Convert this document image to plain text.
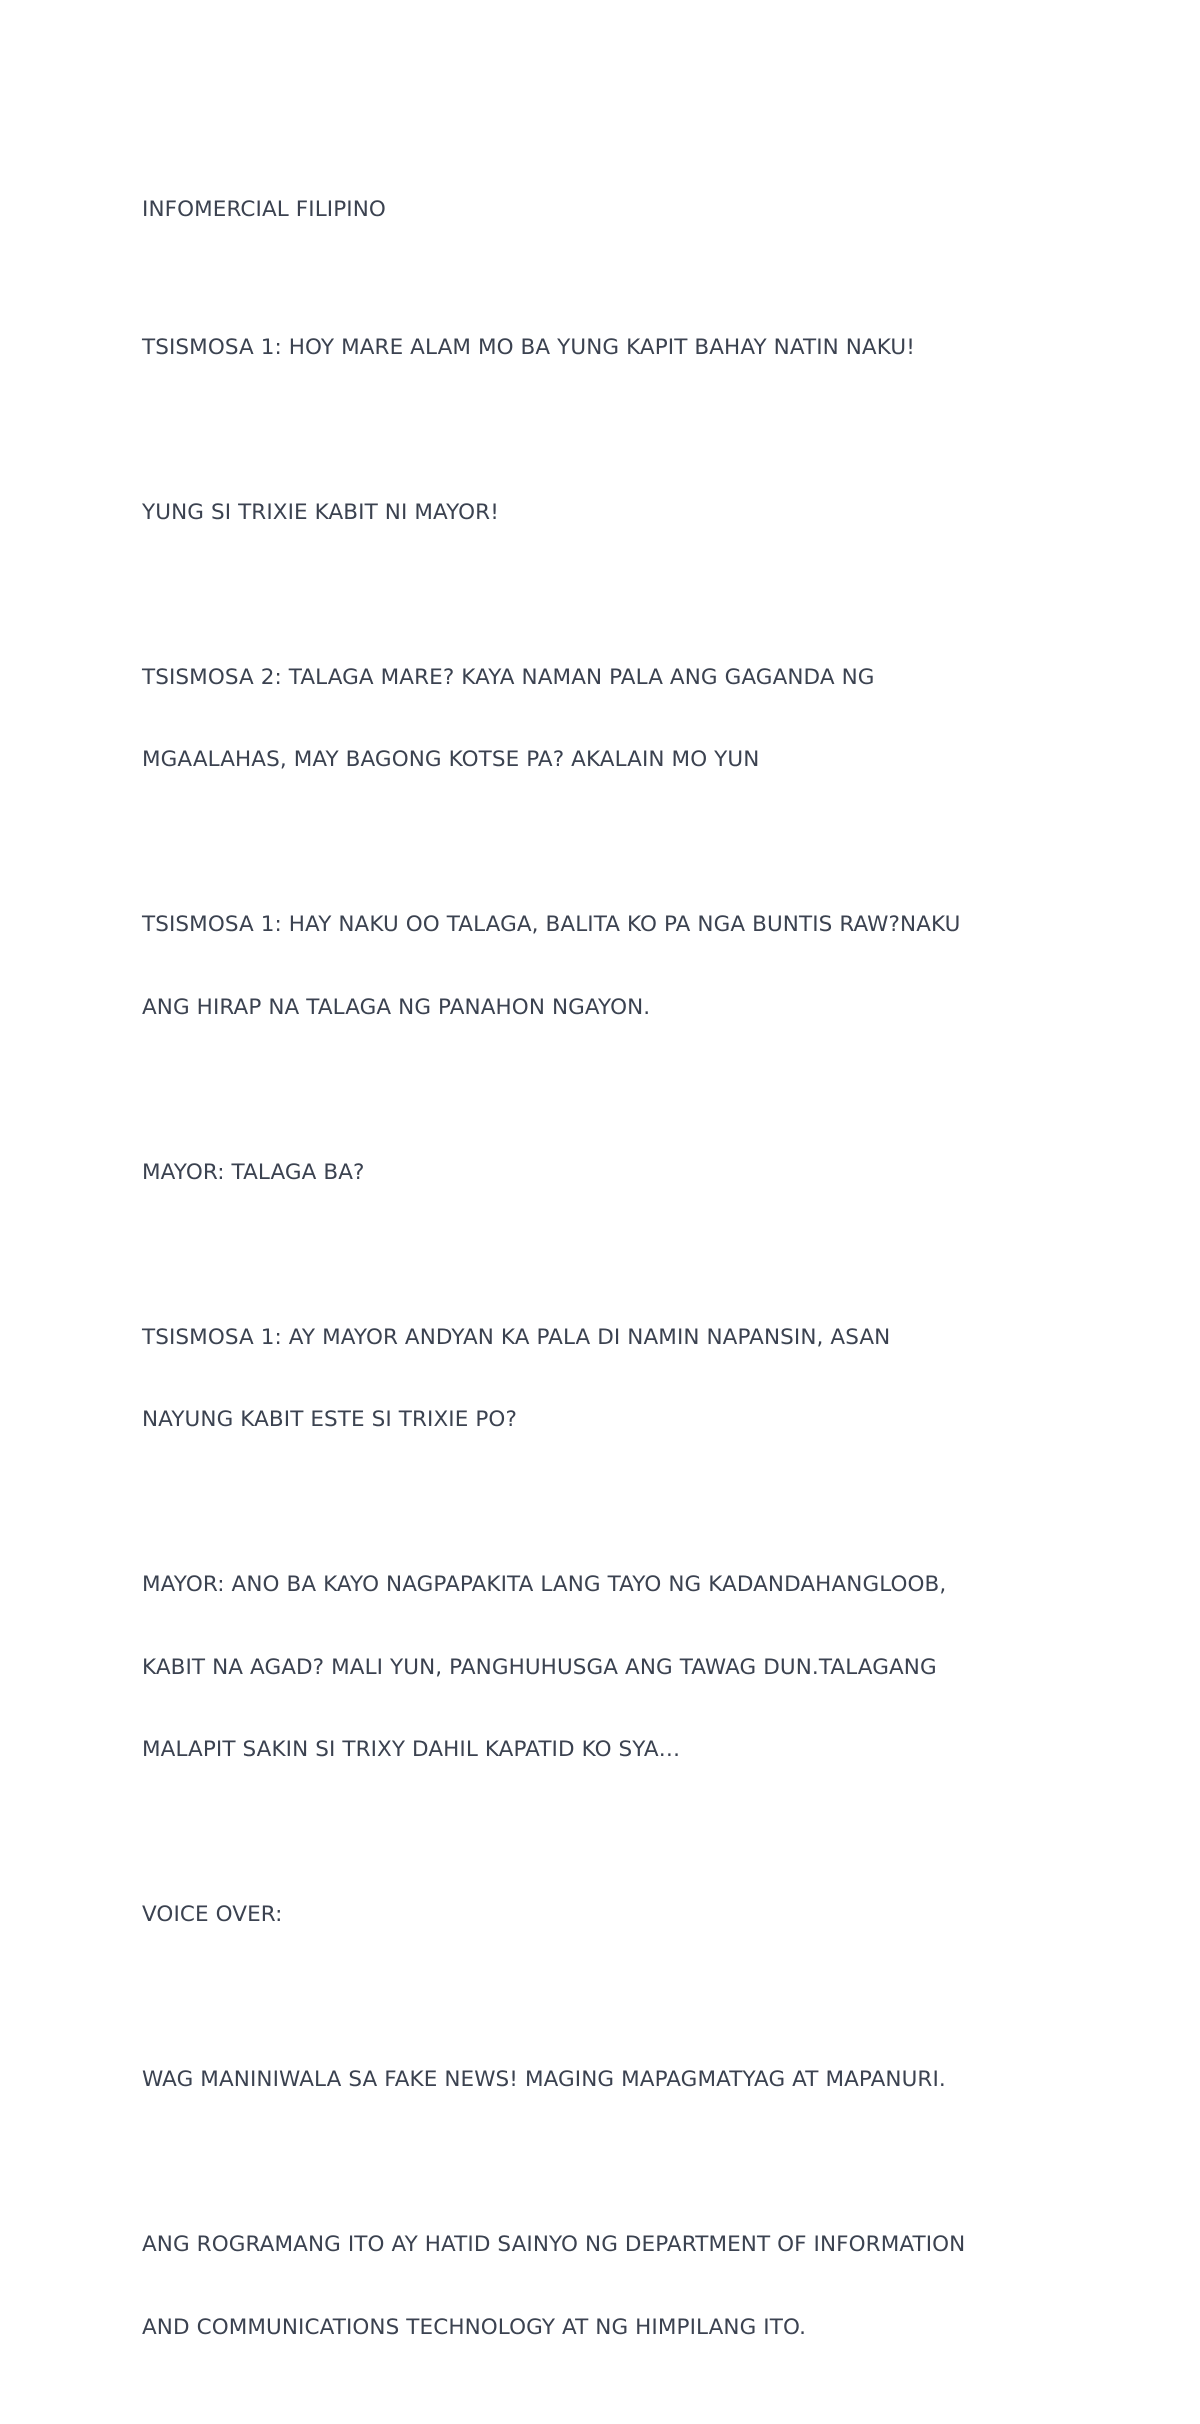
INFOMERCIAL FILIPINO

TSISMOSA 1: HOY MARE ALAM MO BA YUNG KAPIT BAHAY NATIN NAKU!

YUNG SI TRIXIE KABIT NI MAYOR!

TSISMOSA 2: TALAGA MARE? KAYA NAMAN PALA ANG GAGANDA NG

MGAALAHAS, MAY BAGONG KOTSE PA? AKALAIN MO YUN

TSISMOSA 1: HAY NAKU OO TALAGA, BALITA KO PA NGA BUNTIS RAW?NAKU

ANG HIRAP NA TALAGA NG PANAHON NGAYON.

MAYOR: TALAGA BA?

TSISMOSA 1: AY MAYOR ANDYAN KA PALA DI NAMIN NAPANSIN, ASAN

NAYUNG KABIT ESTE SI TRIXIE PO?

MAYOR: ANO BA KAYO NAGPAPAKITA LANG TAYO NG KADANDAHANGLOOB,

KABIT NA AGAD? MALI YUN, PANGHUHUSGA ANG TAWAG DUN.TALAGANG

MALAPIT SAKIN SI TRIXY DAHIL KAPATID KO SYA…

VOICE OVER:

WAG MANINIWALA SA FAKE NEWS! MAGING MAPAGMATYAG AT MAPANURI.

ANG ROGRAMANG ITO AY HATID SAINYO NG DEPARTMENT OF INFORMATION

AND COMMUNICATIONS TECHNOLOGY AT NG HIMPILANG ITO.
